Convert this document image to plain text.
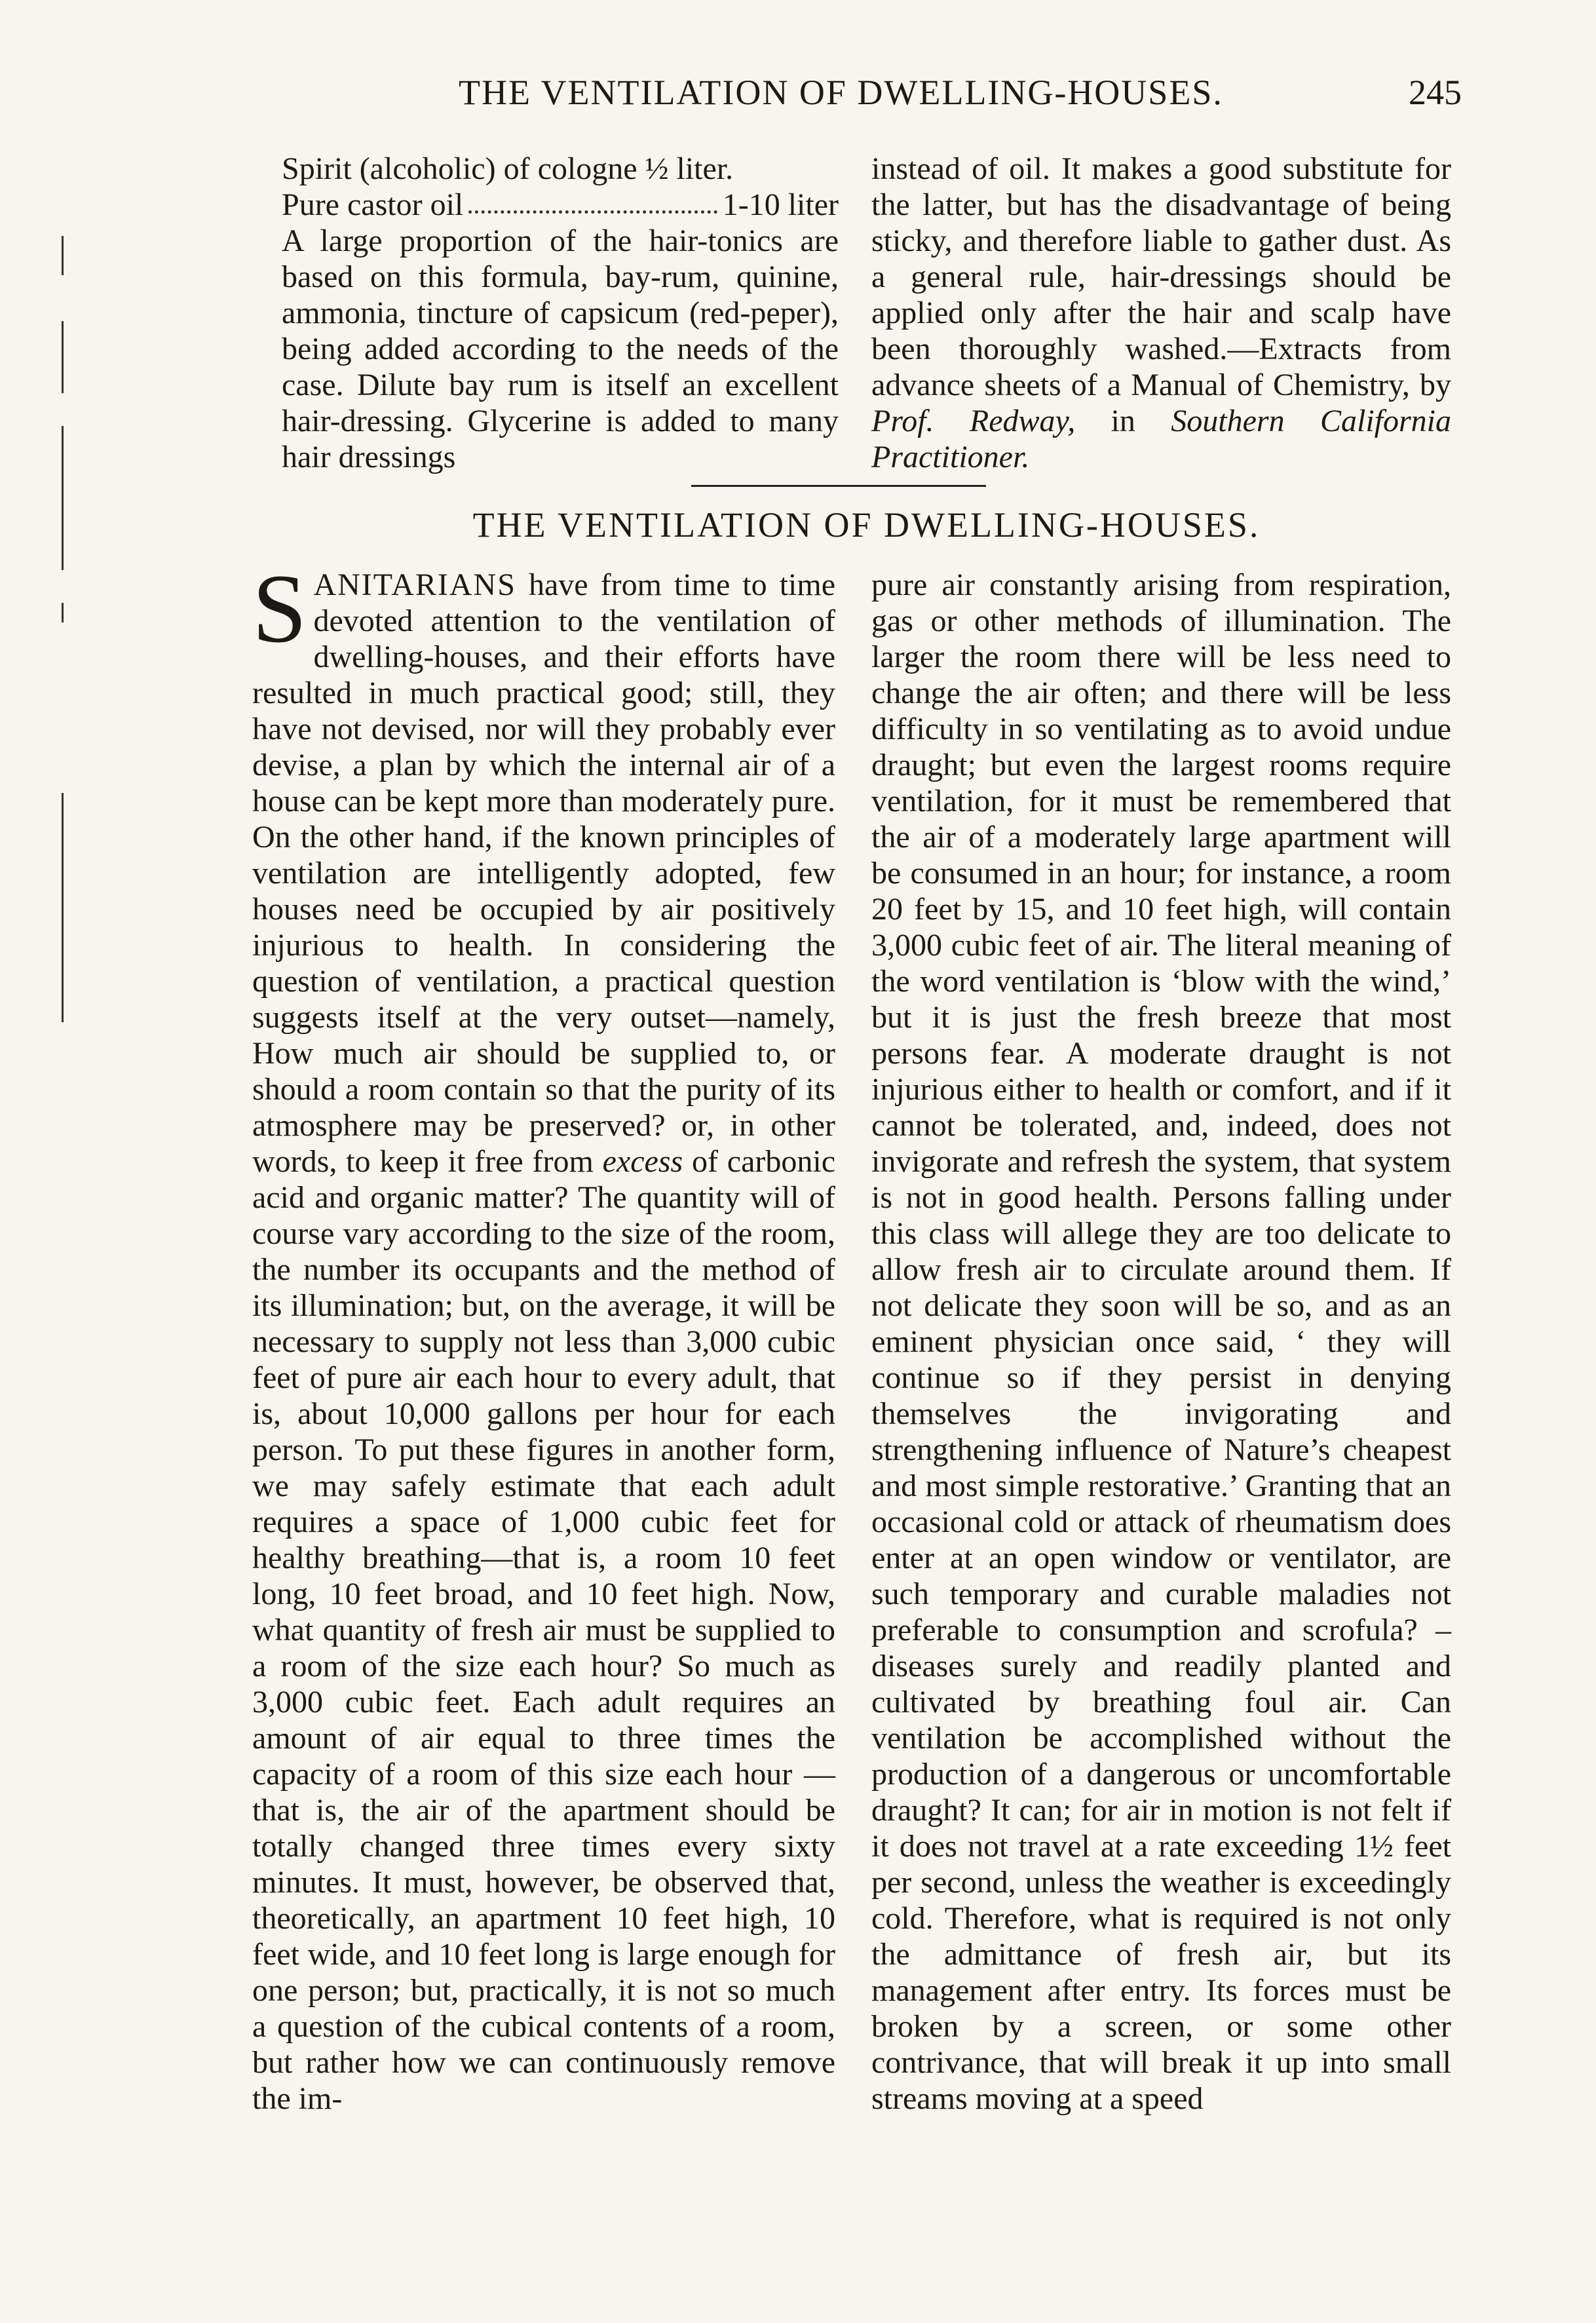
THE VENTILATION OF DWELLING-HOUSES.	245

Spirit (alcoholic) of cologne ½ liter.

Pure castor oil	1-10 liter

A large proportion of the hair-tonics are based on this formula, bay-rum, quinine, ammonia, tincture of capsicum (red-peper), being added according to the needs of the case. Dilute bay rum is itself an excellent hair-dressing. Glycerine is added to many hair dressings

instead of oil. It makes a good substitute for the latter, but has the disadvantage of being sticky, and therefore liable to gather dust. As a general rule, hair-dressings should be applied only after the hair and scalp have been thoroughly washed.—Extracts from advance sheets of a Manual of Chemistry, by Prof. Redway, in Southern California Practitioner.

THE VENTILATION OF DWELLING-HOUSES.

SANITARIANS have from time to time devoted attention to the ventilation of dwelling-houses, and their efforts have resulted in much practical good; still, they have not devised, nor will they probably ever devise, a plan by which the internal air of a house can be kept more than moderately pure. On the other hand, if the known principles of ventilation are intelligently adopted, few houses need be occupied by air positively injurious to health. In considering the question of ventilation, a practical question suggests itself at the very outset—namely, How much air should be supplied to, or should a room contain so that the purity of its atmosphere may be preserved? or, in other words, to keep it free from excess of carbonic acid and organic matter? The quantity will of course vary according to the size of the room, the number its occupants and the method of its illumination; but, on the average, it will be necessary to supply not less than 3,000 cubic feet of pure air each hour to every adult, that is, about 10,000 gallons per hour for each person. To put these figures in another form, we may safely estimate that each adult requires a space of 1,000 cubic feet for healthy breathing—that is, a room 10 feet long, 10 feet broad, and 10 feet high. Now, what quantity of fresh air must be supplied to a room of the size each hour? So much as 3,000 cubic feet. Each adult requires an amount of air equal to three times the capacity of a room of this size each hour —that is, the air of the apartment should be totally changed three times every sixty minutes. It must, however, be observed that, theoretically, an apartment 10 feet high, 10 feet wide, and 10 feet long is large enough for one person; but, practically, it is not so much a question of the cubical contents of a room, but rather how we can continuously remove the im-

pure air constantly arising from respiration, gas or other methods of illumination. The larger the room there will be less need to change the air often; and there will be less difficulty in so ventilating as to avoid undue draught; but even the largest rooms require ventilation, for it must be remembered that the air of a moderately large apartment will be consumed in an hour; for instance, a room 20 feet by 15, and 10 feet high, will contain 3,000 cubic feet of air. The literal meaning of the word ventilation is ‘blow with the wind,’ but it is just the fresh breeze that most persons fear. A moderate draught is not injurious either to health or comfort, and if it cannot be tolerated, and, indeed, does not invigorate and refresh the system, that system is not in good health. Persons falling under this class will allege they are too delicate to allow fresh air to circulate around them. If not delicate they soon will be so, and as an eminent physician once said, ‘ they will continue so if they persist in denying themselves the invigorating and strengthening influence of Nature’s cheapest and most simple restorative.’ Granting that an occasional cold or attack of rheumatism does enter at an open window or ventilator, are such temporary and curable maladies not preferable to consumption and scrofula? – diseases surely and readily planted and cultivated by breathing foul air. Can ventilation be accomplished without the production of a dangerous or uncomfortable draught? It can; for air in motion is not felt if it does not travel at a rate exceeding 1½ feet per second, unless the weather is exceedingly cold. Therefore, what is required is not only the admittance of fresh air, but its management after entry. Its forces must be broken by a screen, or some other contrivance, that will break it up into small streams moving at a speed
